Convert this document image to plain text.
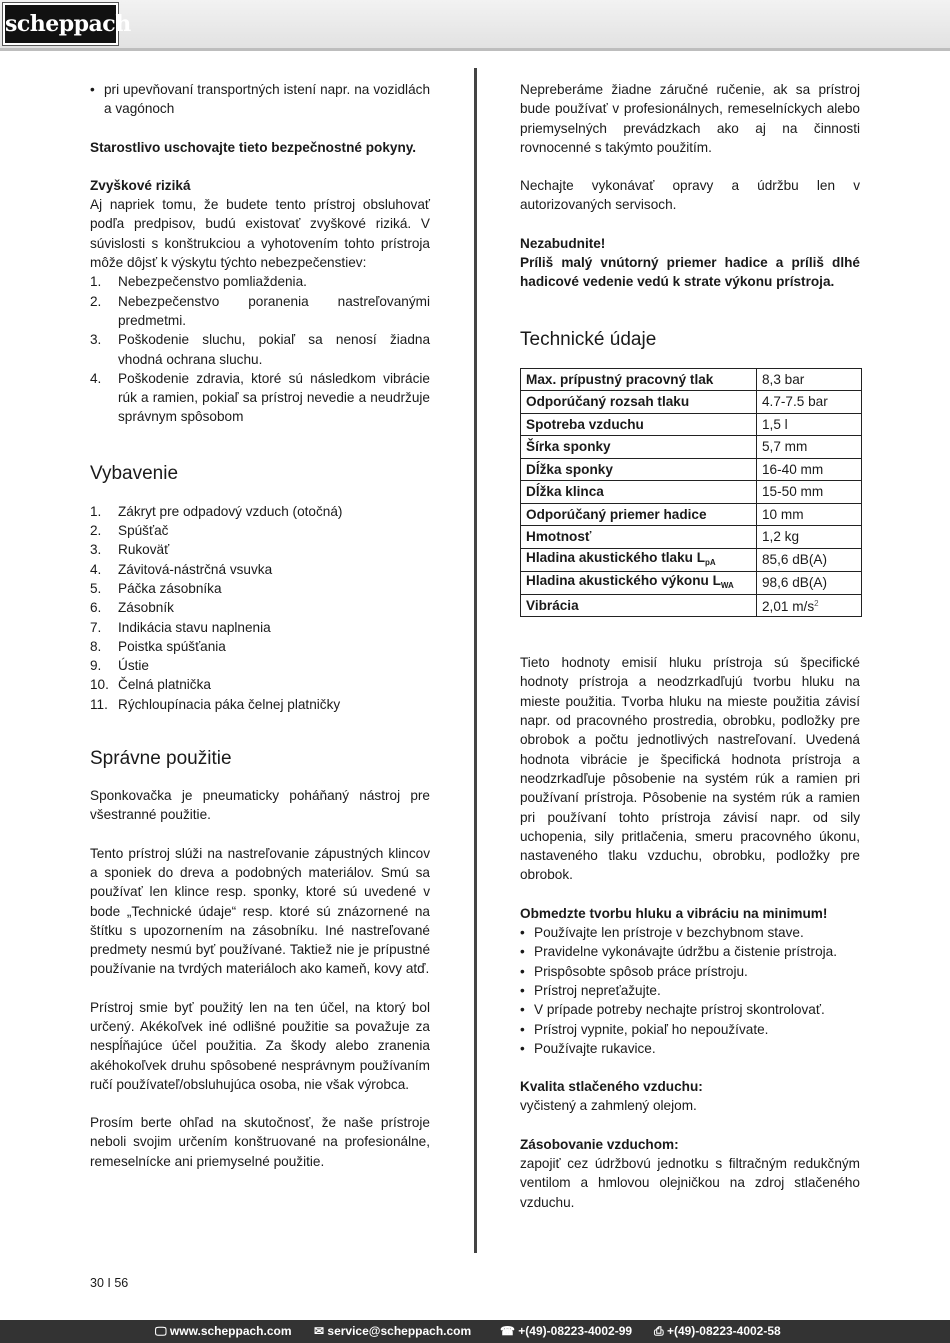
scheppach

• pri upevňovaní transportných istení napr. na vozidlách a vagónoch

Starostlivo uschovajte tieto bezpečnostné pokyny.

Zvyškové riziká

Aj napriek tomu, že budete tento prístroj obsluhovať podľa predpisov, budú existovať zvyškové riziká. V súvislosti s konštrukciou a vyhotovením tohto prístroja môže dôjsť k výskytu týchto nebezpečenstiev:

1. Nebezpečenstvo pomliaždenia.
2. Nebezpečenstvo poranenia nastreľovanými predmetmi.
3. Poškodenie sluchu, pokiaľ sa nenosí žiadna vhodná ochrana sluchu.
4. Poškodenie zdravia, ktoré sú následkom vibrácie rúk a ramien, pokiaľ sa prístroj nevedie a neudržuje správnym spôsobom
Vybavenie
1. Zákryt pre odpadový vzduch (otočná)
2. Spúšťač
3. Rukoväť
4. Závitová-nástrčná vsuvka
5. Páčka zásobníka
6. Zásobník
7. Indikácia stavu naplnenia
8. Poistka spúšťania
9. Ústie
10. Čelná platnička
11. Rýchloupínacia páka čelnej platničky
Správne použitie

Sponkovačka je pneumaticky poháňaný nástroj pre všestranné použitie.

Tento prístroj slúži na nastreľovanie zápustných klincov a sponiek do dreva a podobných materiálov. Smú sa používať len klince resp. sponky, ktoré sú uvedené v bode „Technické údaje“ resp. ktoré sú znázornené na štítku s upozornením na zásobníku. Iné nastreľované predmety nesmú byť používané. Taktiež nie je prípustné používanie na tvrdých materiáloch ako kameň, kovy atď.

Prístroj smie byť použitý len na ten účel, na ktorý bol určený. Akékoľvek iné odlišné použitie sa považuje za nespĺňajúce účel použitia. Za škody alebo zranenia akéhokoľvek druhu spôsobené nesprávnym používaním ručí používateľ/obsluhujúca osoba, nie však výrobca.

Prosím berte ohľad na skutočnosť, že naše prístroje neboli svojim určením konštruované na profesionálne, remeselnícke ani priemyselné použitie.

Nepreberáme žiadne záručné ručenie, ak sa prístroj bude používať v profesionálnych, remeselníckych alebo priemyselných prevádzkach ako aj na činnosti rovnocenné s takýmto použitím.

Nechajte vykonávať opravy a údržbu len v autorizovaných servisoch.

Nezabudnite!

Príliš malý vnútorný priemer hadice a príliš dlhé hadicové vedenie vedú k strate výkonu prístroja.

Technické údaje
Max. prípustný pracovný tlak	8,3 bar
Odporúčaný rozsah tlaku	4.7-7.5 bar
Spotreba vzduchu	1,5 l
Šírka sponky	5,7 mm
Dĺžka sponky	16-40 mm
Dĺžka klinca	15-50 mm
Odporúčaný priemer hadice	10 mm
Hmotnosť	1,2 kg
Hladina akustického tlaku $L_{pA}$	85,6 dB(A)
Hladina akustického výkonu $L_{WA}$	98,6 dB(A)
Vibrácia	2,01 $m/s^2$

Tieto hodnoty emisií hluku prístroja sú špecifické hodnoty prístroja a neodzrkadľujú tvorbu hluku na mieste použitia. Tvorba hluku na mieste použitia závisí napr. od pracovného prostredia, obrobku, podložky pre obrobok a počtu jednotlivých nastreľovaní. Uvedená hodnota vibrácie je špecifická hodnota prístroja a neodzrkadľuje pôsobenie na systém rúk a ramien pri používaní prístroja. Pôsobenie na systém rúk a ramien pri používaní tohto prístroja závisí napr. od sily uchopenia, sily pritlačenia, smeru pracovného úkonu, nastaveného tlaku vzduchu, obrobku, podložky pre obrobok.

Obmedzte tvorbu hluku a vibráciu na minimum!

• Používajte len prístroje v bezchybnom stave.
• Pravidelne vykonávajte údržbu a čistenie prístroja.
• Prispôsobte spôsob práce prístroju.
• Prístroj nepreťažujte.
• V prípade potreby nechajte prístroj skontrolovať.
• Prístroj vypnite, pokiaľ ho nepoužívate.
• Používajte rukavice.

Kvalita stlačeného vzduchu:

vyčistený a zahmlený olejom.

Zásobovanie vzduchom:

zapojiť cez údržbovú jednotku s filtračným redukčným ventilom a hmlovou olejničkou na zdroj stlačeného vzduchu.

30 I 56
🖵 www.scheppach.com ✉ service@scheppach.com ☎ +(49)-08223-4002-99 ⎙ +(49)-08223-4002-58
